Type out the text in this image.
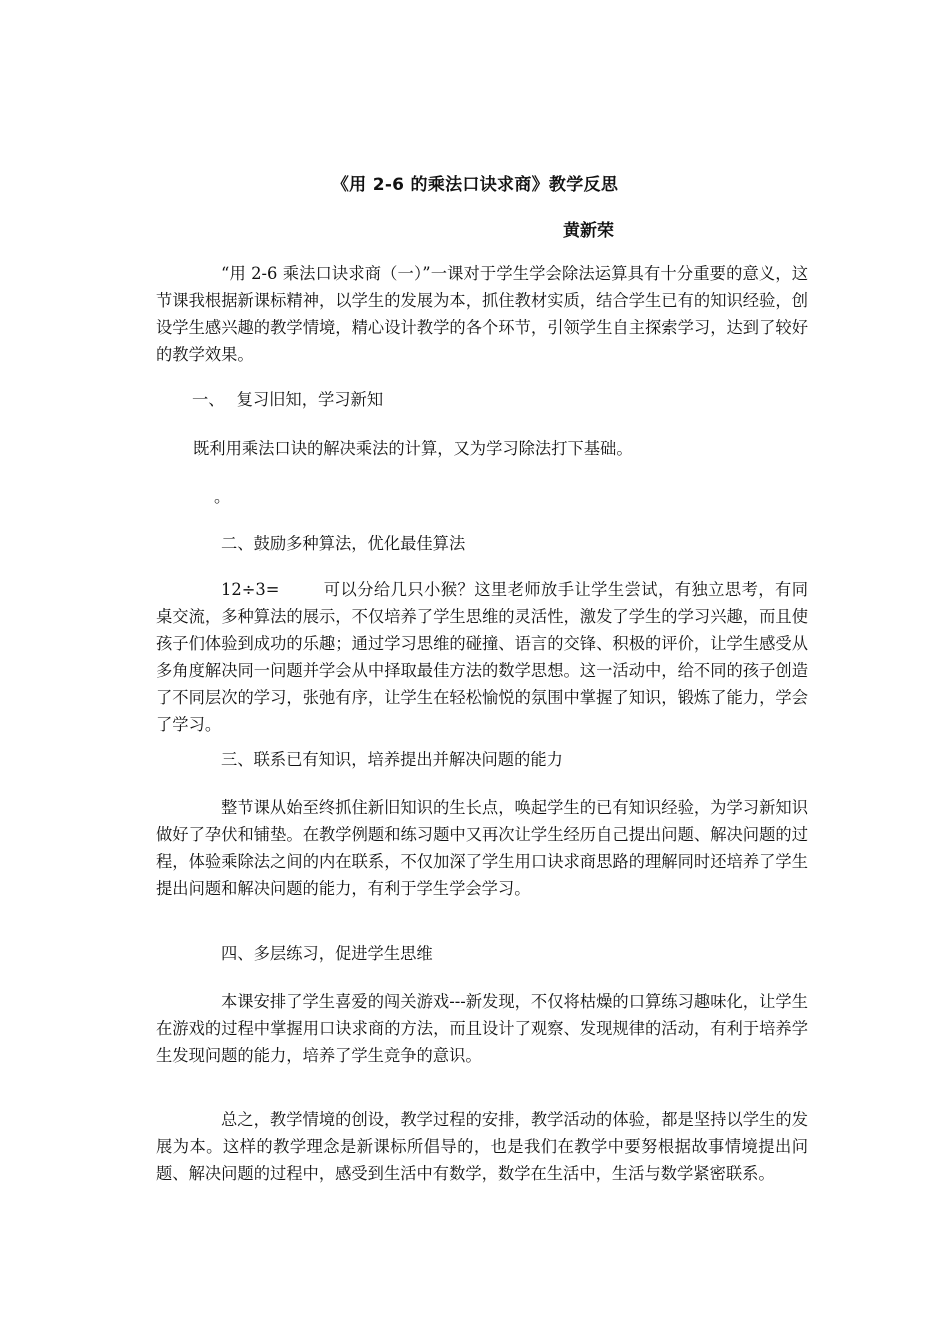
《用 2-6 的乘法口诀求商》教学反思

黄新荣

“用 2-6 乘法口诀求商（一）”一课对于学生学会除法运算具有十分重要的意义，这节课我根据新课标精神，以学生的发展为本，抓住教材实质，结合学生已有的知识经验，创设学生感兴趣的教学情境，精心设计教学的各个环节，引领学生自主探索学习，达到了较好的教学效果。

一、 复习旧知，学习新知

既利用乘法口诀的解决乘法的计算，又为学习除法打下基础。

。

二、鼓励多种算法，优化最佳算法

12÷3=	可以分给几只小猴？这里老师放手让学生尝试，有独立思考，有同桌交流，多种算法的展示，不仅培养了学生思维的灵活性，激发了学生的学习兴趣，而且使孩子们体验到成功的乐趣；通过学习思维的碰撞、语言的交锋、积极的评价，让学生感受从多角度解决同一问题并学会从中择取最佳方法的数学思想。这一活动中，给不同的孩子创造了不同层次的学习，张弛有序，让学生在轻松愉悦的氛围中掌握了知识，锻炼了能力，学会了学习。

三、联系已有知识，培养提出并解决问题的能力

整节课从始至终抓住新旧知识的生长点，唤起学生的已有知识经验，为学习新知识做好了孕伏和铺垫。在教学例题和练习题中又再次让学生经历自己提出问题、解决问题的过程，体验乘除法之间的内在联系，不仅加深了学生用口诀求商思路的理解同时还培养了学生提出问题和解决问题的能力，有利于学生学会学习。

四、多层练习，促进学生思维

本课安排了学生喜爱的闯关游戏---新发现，不仅将枯燥的口算练习趣味化，让学生在游戏的过程中掌握用口诀求商的方法，而且设计了观察、发现规律的活动，有利于培养学生发现问题的能力，培养了学生竞争的意识。

总之，教学情境的创设，教学过程的安排，教学活动的体验，都是坚持以学生的发展为本。这样的教学理念是新课标所倡导的，也是我们在教学中要努根据故事情境提出问题、解决问题的过程中，感受到生活中有数学，数学在生活中，生活与数学紧密联系。
